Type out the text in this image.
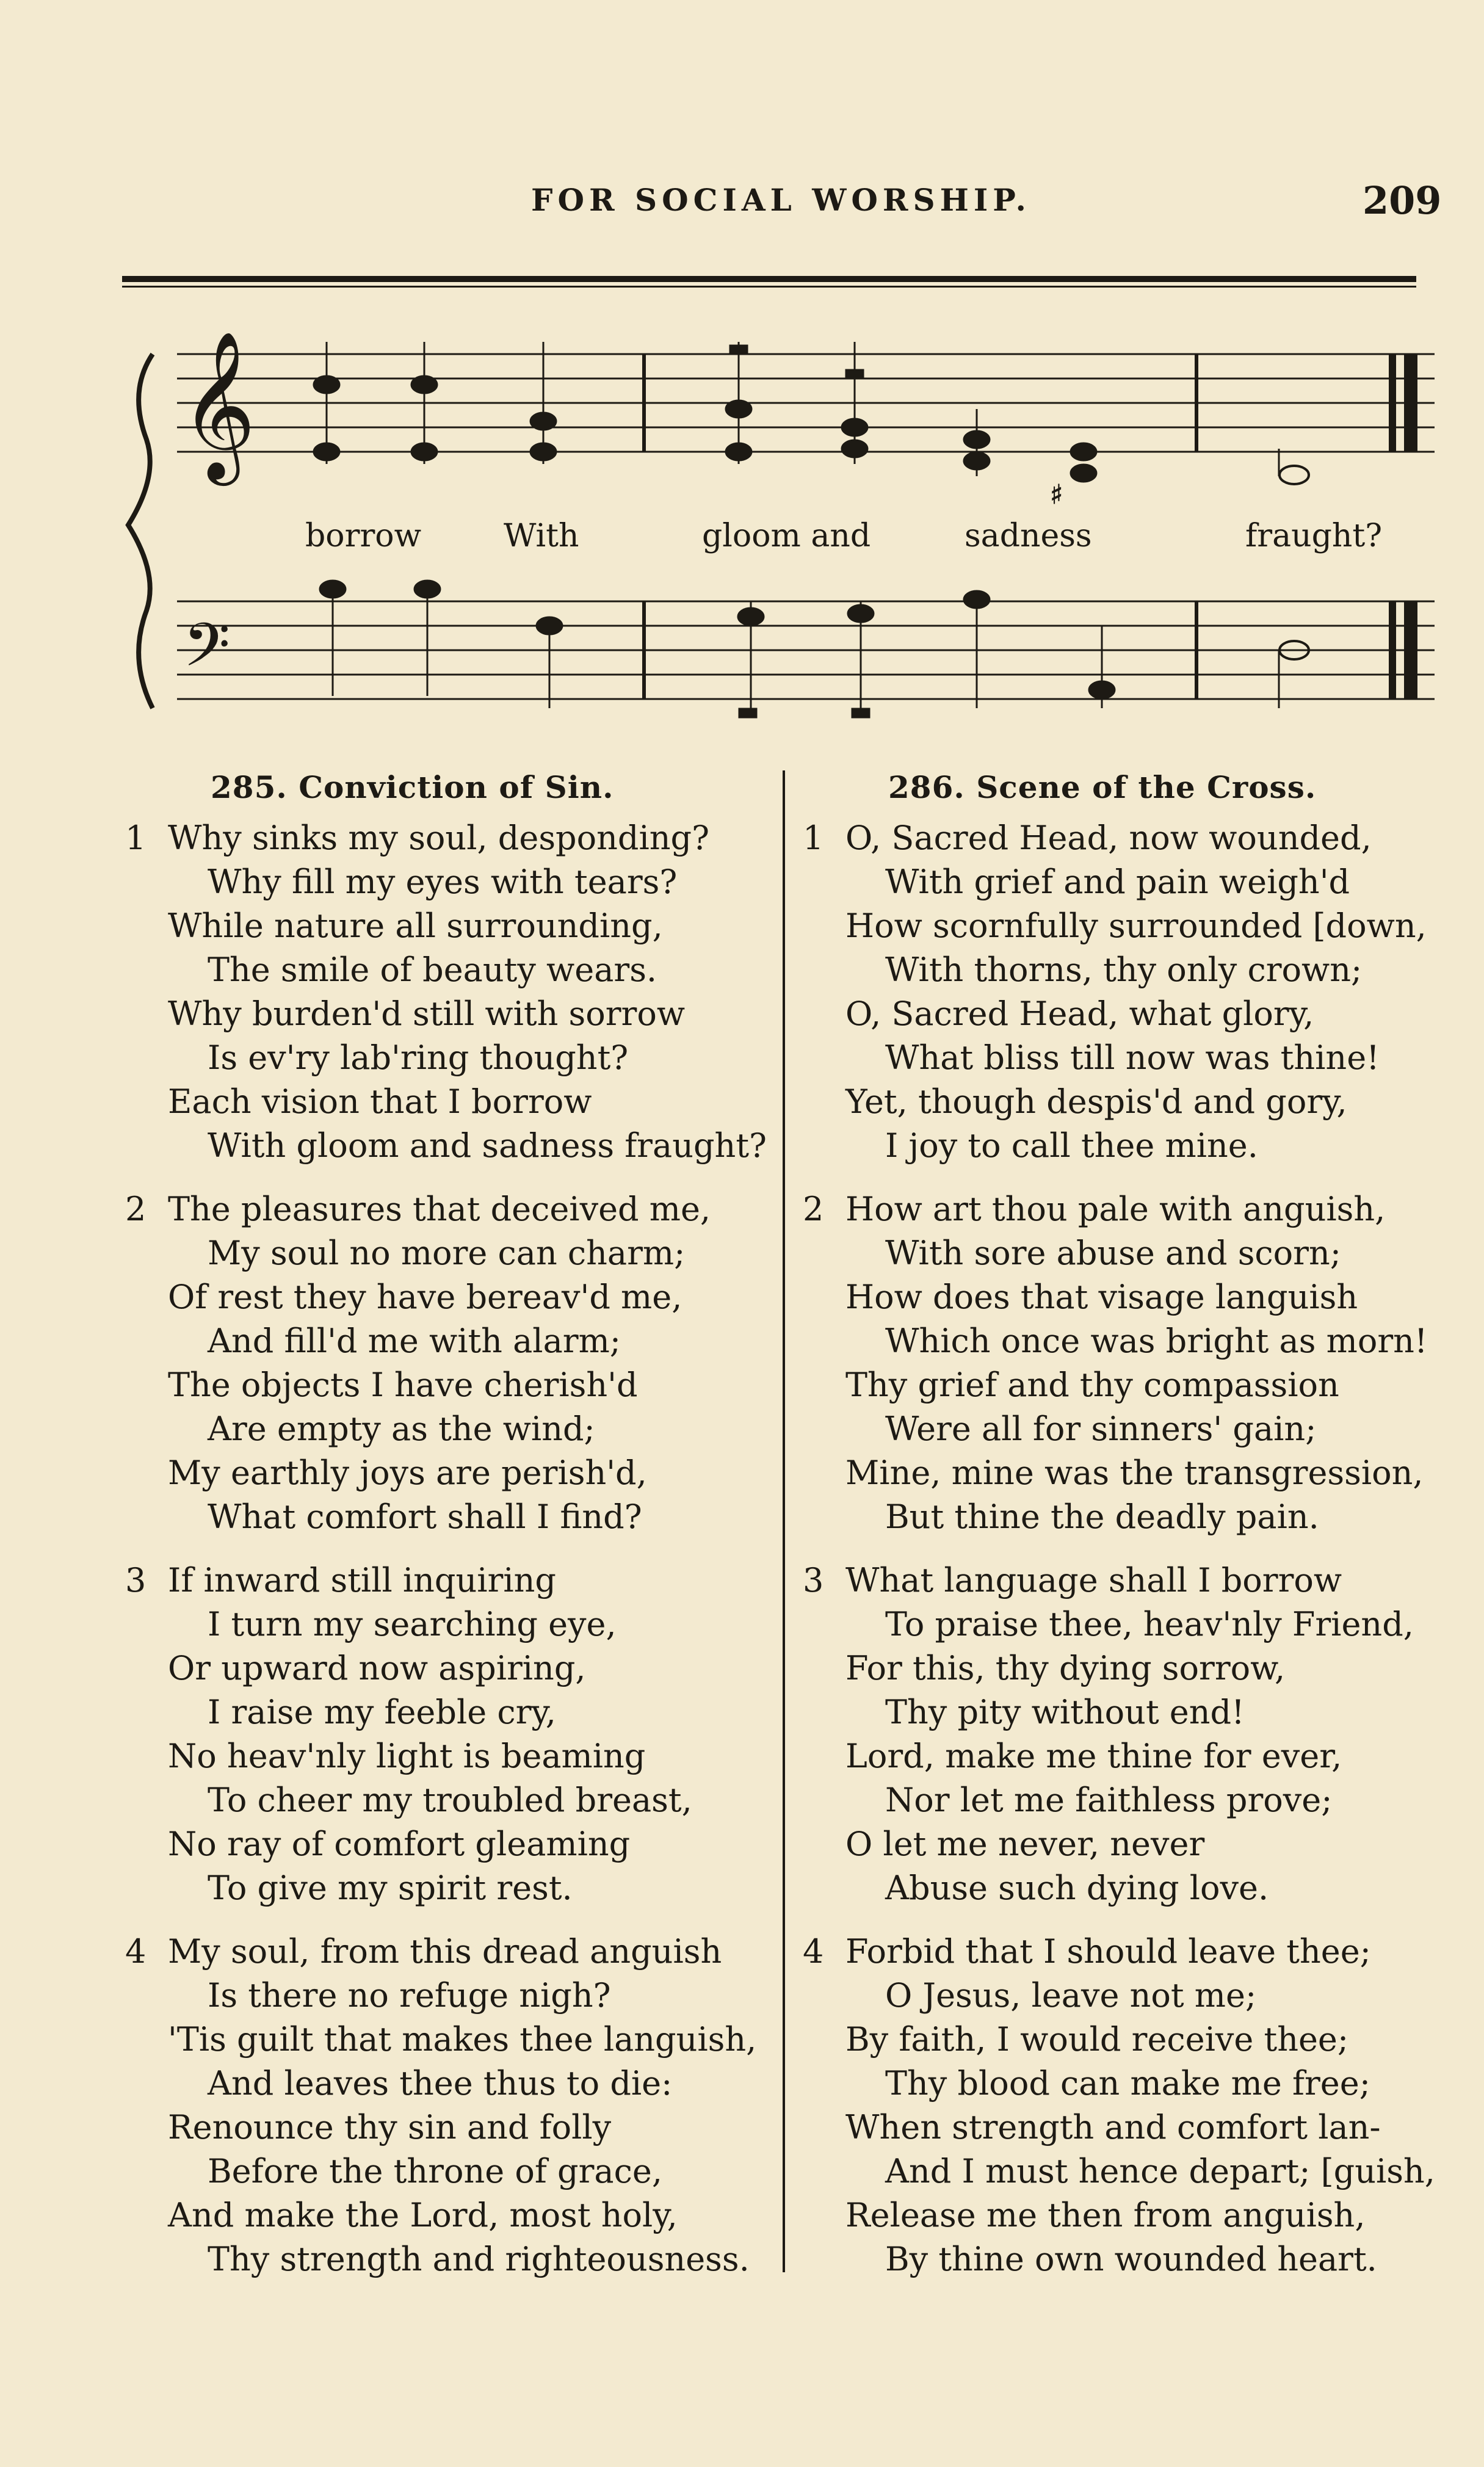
FOR SOCIAL WORSHIP.	209
𝄞
𝄢
♯
borrow	With	gloom and	sadness	fraught?
285. Conviction of Sin.
1 Why sinks my soul, desponding?
Why fill my eyes with tears?
While nature all surrounding,
The smile of beauty wears.
Why burden'd still with sorrow
Is ev'ry lab'ring thought?
Each vision that I borrow
With gloom and sadness fraught?
2 The pleasures that deceived me,
My soul no more can charm;
Of rest they have bereav'd me,
And fill'd me with alarm;
The objects I have cherish'd
Are empty as the wind;
My earthly joys are perish'd,
What comfort shall I find?
3 If inward still inquiring
I turn my searching eye,
Or upward now aspiring,
I raise my feeble cry,
No heav'nly light is beaming
To cheer my troubled breast,
No ray of comfort gleaming
To give my spirit rest.
4 My soul, from this dread anguish
Is there no refuge nigh?
'Tis guilt that makes thee languish,
And leaves thee thus to die:
Renounce thy sin and folly
Before the throne of grace,
And make the Lord, most holy,
Thy strength and righteousness.
286. Scene of the Cross.
1 O, Sacred Head, now wounded,
With grief and pain weigh'd
How scornfully surrounded [down,
With thorns, thy only crown;
O, Sacred Head, what glory,
What bliss till now was thine!
Yet, though despis'd and gory,
I joy to call thee mine.
2 How art thou pale with anguish,
With sore abuse and scorn;
How does that visage languish
Which once was bright as morn!
Thy grief and thy compassion
Were all for sinners' gain;
Mine, mine was the transgression,
But thine the deadly pain.
3 What language shall I borrow
To praise thee, heav'nly Friend,
For this, thy dying sorrow,
Thy pity without end!
Lord, make me thine for ever,
Nor let me faithless prove;
O let me never, never
Abuse such dying love.
4 Forbid that I should leave thee;
O Jesus, leave not me;
By faith, I would receive thee;
Thy blood can make me free;
When strength and comfort lan-
And I must hence depart; [guish,
Release me then from anguish,
By thine own wounded heart.
